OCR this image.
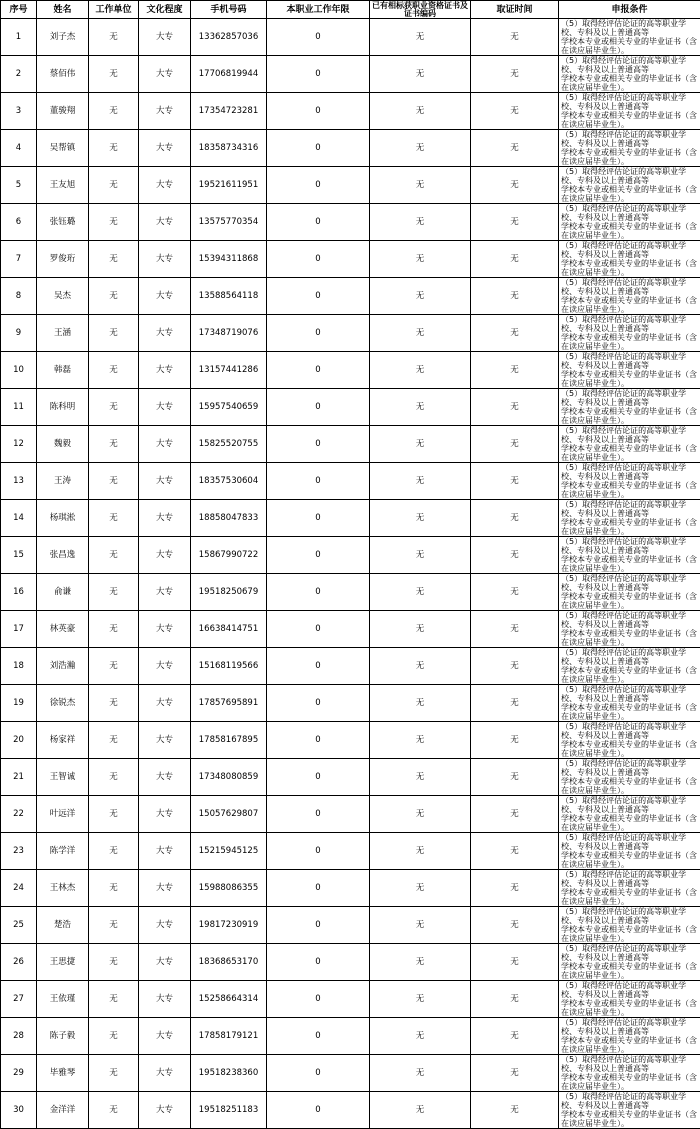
序号	姓名	工作单位	文化程度	手机号码	本职业工作年限	已有相标获职业资格证书及证书编码	取证时间	申报条件
1	刘子杰	无	大专	13362857036	0	无	无	（5）取得经评估论证的高等职业学校、专科及以上普通高等
学校本专业或相关专业的毕业证书（含在读应届毕业生）。

2	蔡佰伟	无	大专	17706819944	0	无	无	（5）取得经评估论证的高等职业学校、专科及以上普通高等
学校本专业或相关专业的毕业证书（含在读应届毕业生）。

3	董骏翔	无	大专	17354723281	0	无	无	（5）取得经评估论证的高等职业学校、专科及以上普通高等
学校本专业或相关专业的毕业证书（含在读应届毕业生）。

4	吴帮镇	无	大专	18358734316	0	无	无	（5）取得经评估论证的高等职业学校、专科及以上普通高等
学校本专业或相关专业的毕业证书（含在读应届毕业生）。

5	王友旭	无	大专	19521611951	0	无	无	（5）取得经评估论证的高等职业学校、专科及以上普通高等
学校本专业或相关专业的毕业证书（含在读应届毕业生）。

6	张钰璐	无	大专	13575770354	0	无	无	（5）取得经评估论证的高等职业学校、专科及以上普通高等
学校本专业或相关专业的毕业证书（含在读应届毕业生）。

7	罗俊珩	无	大专	15394311868	0	无	无	（5）取得经评估论证的高等职业学校、专科及以上普通高等
学校本专业或相关专业的毕业证书（含在读应届毕业生）。

8	吴杰	无	大专	13588564118	0	无	无	（5）取得经评估论证的高等职业学校、专科及以上普通高等
学校本专业或相关专业的毕业证书（含在读应届毕业生）。

9	王涵	无	大专	17348719076	0	无	无	（5）取得经评估论证的高等职业学校、专科及以上普通高等
学校本专业或相关专业的毕业证书（含在读应届毕业生）。

10	韩磊	无	大专	13157441286	0	无	无	（5）取得经评估论证的高等职业学校、专科及以上普通高等
学校本专业或相关专业的毕业证书（含在读应届毕业生）。

11	陈科明	无	大专	15957540659	0	无	无	（5）取得经评估论证的高等职业学校、专科及以上普通高等
学校本专业或相关专业的毕业证书（含在读应届毕业生）。

12	魏毅	无	大专	15825520755	0	无	无	（5）取得经评估论证的高等职业学校、专科及以上普通高等
学校本专业或相关专业的毕业证书（含在读应届毕业生）。

13	王涛	无	大专	18357530604	0	无	无	（5）取得经评估论证的高等职业学校、专科及以上普通高等
学校本专业或相关专业的毕业证书（含在读应届毕业生）。

14	杨琪淞	无	大专	18858047833	0	无	无	（5）取得经评估论证的高等职业学校、专科及以上普通高等
学校本专业或相关专业的毕业证书（含在读应届毕业生）。

15	张昌逸	无	大专	15867990722	0	无	无	（5）取得经评估论证的高等职业学校、专科及以上普通高等
学校本专业或相关专业的毕业证书（含在读应届毕业生）。

16	俞谦	无	大专	19518250679	0	无	无	（5）取得经评估论证的高等职业学校、专科及以上普通高等
学校本专业或相关专业的毕业证书（含在读应届毕业生）。

17	林英豪	无	大专	16638414751	0	无	无	（5）取得经评估论证的高等职业学校、专科及以上普通高等
学校本专业或相关专业的毕业证书（含在读应届毕业生）。

18	刘浩瀚	无	大专	15168119566	0	无	无	（5）取得经评估论证的高等职业学校、专科及以上普通高等
学校本专业或相关专业的毕业证书（含在读应届毕业生）。

19	徐锐杰	无	大专	17857695891	0	无	无	（5）取得经评估论证的高等职业学校、专科及以上普通高等
学校本专业或相关专业的毕业证书（含在读应届毕业生）。

20	杨家祥	无	大专	17858167895	0	无	无	（5）取得经评估论证的高等职业学校、专科及以上普通高等
学校本专业或相关专业的毕业证书（含在读应届毕业生）。

21	王智诚	无	大专	17348080859	0	无	无	（5）取得经评估论证的高等职业学校、专科及以上普通高等
学校本专业或相关专业的毕业证书（含在读应届毕业生）。

22	叶远洋	无	大专	15057629807	0	无	无	（5）取得经评估论证的高等职业学校、专科及以上普通高等
学校本专业或相关专业的毕业证书（含在读应届毕业生）。

23	陈学洋	无	大专	15215945125	0	无	无	（5）取得经评估论证的高等职业学校、专科及以上普通高等
学校本专业或相关专业的毕业证书（含在读应届毕业生）。

24	王林杰	无	大专	15988086355	0	无	无	（5）取得经评估论证的高等职业学校、专科及以上普通高等
学校本专业或相关专业的毕业证书（含在读应届毕业生）。

25	楚浩	无	大专	19817230919	0	无	无	（5）取得经评估论证的高等职业学校、专科及以上普通高等
学校本专业或相关专业的毕业证书（含在读应届毕业生）。

26	王思捷	无	大专	18368653170	0	无	无	（5）取得经评估论证的高等职业学校、专科及以上普通高等
学校本专业或相关专业的毕业证书（含在读应届毕业生）。

27	王依瑾	无	大专	15258664314	0	无	无	（5）取得经评估论证的高等职业学校、专科及以上普通高等
学校本专业或相关专业的毕业证书（含在读应届毕业生）。

28	陈子毅	无	大专	17858179121	0	无	无	（5）取得经评估论证的高等职业学校、专科及以上普通高等
学校本专业或相关专业的毕业证书（含在读应届毕业生）。

29	毕雅琴	无	大专	19518238360	0	无	无	（5）取得经评估论证的高等职业学校、专科及以上普通高等
学校本专业或相关专业的毕业证书（含在读应届毕业生）。

30	金洋洋	无	大专	19518251183	0	无	无	（5）取得经评估论证的高等职业学校、专科及以上普通高等
学校本专业或相关专业的毕业证书（含在读应届毕业生）。
